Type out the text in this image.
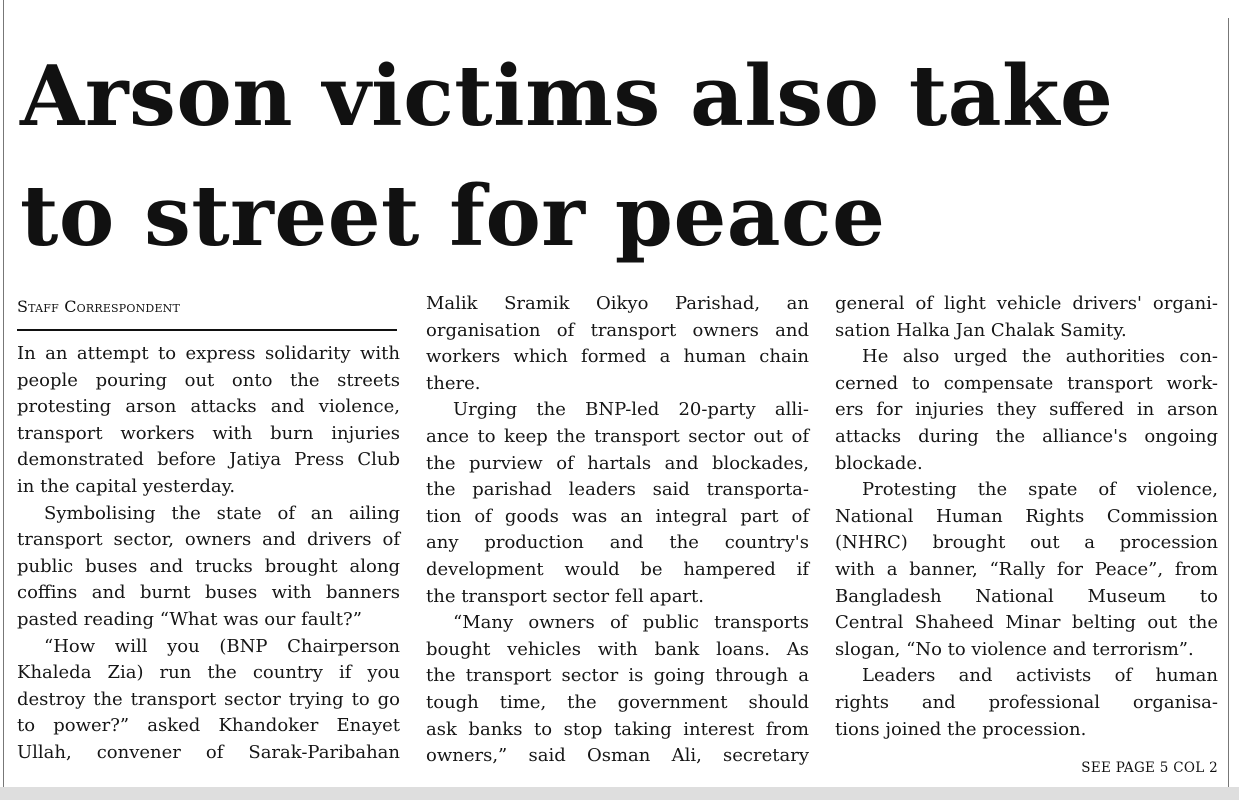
Arson victims also take
to street for peace
Staff Correspondent
In an attempt to express solidarity with
people pouring out onto the streets
protesting arson attacks and violence,
transport workers with burn injuries
demonstrated before Jatiya Press Club
in the capital yesterday.
Symbolising the state of an ailing
transport sector, owners and drivers of
public buses and trucks brought along
coffins and burnt buses with banners
pasted reading “What was our fault?”
“How will you (BNP Chairperson
Khaleda Zia) run the country if you
destroy the transport sector trying to go
to power?” asked Khandoker Enayet
Ullah, convener of Sarak-Paribahan
Malik Sramik Oikyo Parishad, an
organisation of transport owners and
workers which formed a human chain
there.
Urging the BNP-led 20-party alli-
ance to keep the transport sector out of
the purview of hartals and blockades,
the parishad leaders said transporta-
tion of goods was an integral part of
any production and the country's
development would be hampered if
the transport sector fell apart.
“Many owners of public transports
bought vehicles with bank loans. As
the transport sector is going through a
tough time, the government should
ask banks to stop taking interest from
owners,” said Osman Ali, secretary
general of light vehicle drivers' organi-
sation Halka Jan Chalak Samity.
He also urged the authorities con-
cerned to compensate transport work-
ers for injuries they suffered in arson
attacks during the alliance's ongoing
blockade.
Protesting the spate of violence,
National Human Rights Commission
(NHRC) brought out a procession
with a banner, “Rally for Peace”, from
Bangladesh National Museum to
Central Shaheed Minar belting out the
slogan, “No to violence and terrorism”.
Leaders and activists of human
rights and professional organisa-
tions joined the procession.
SEE PAGE 5 COL 2
